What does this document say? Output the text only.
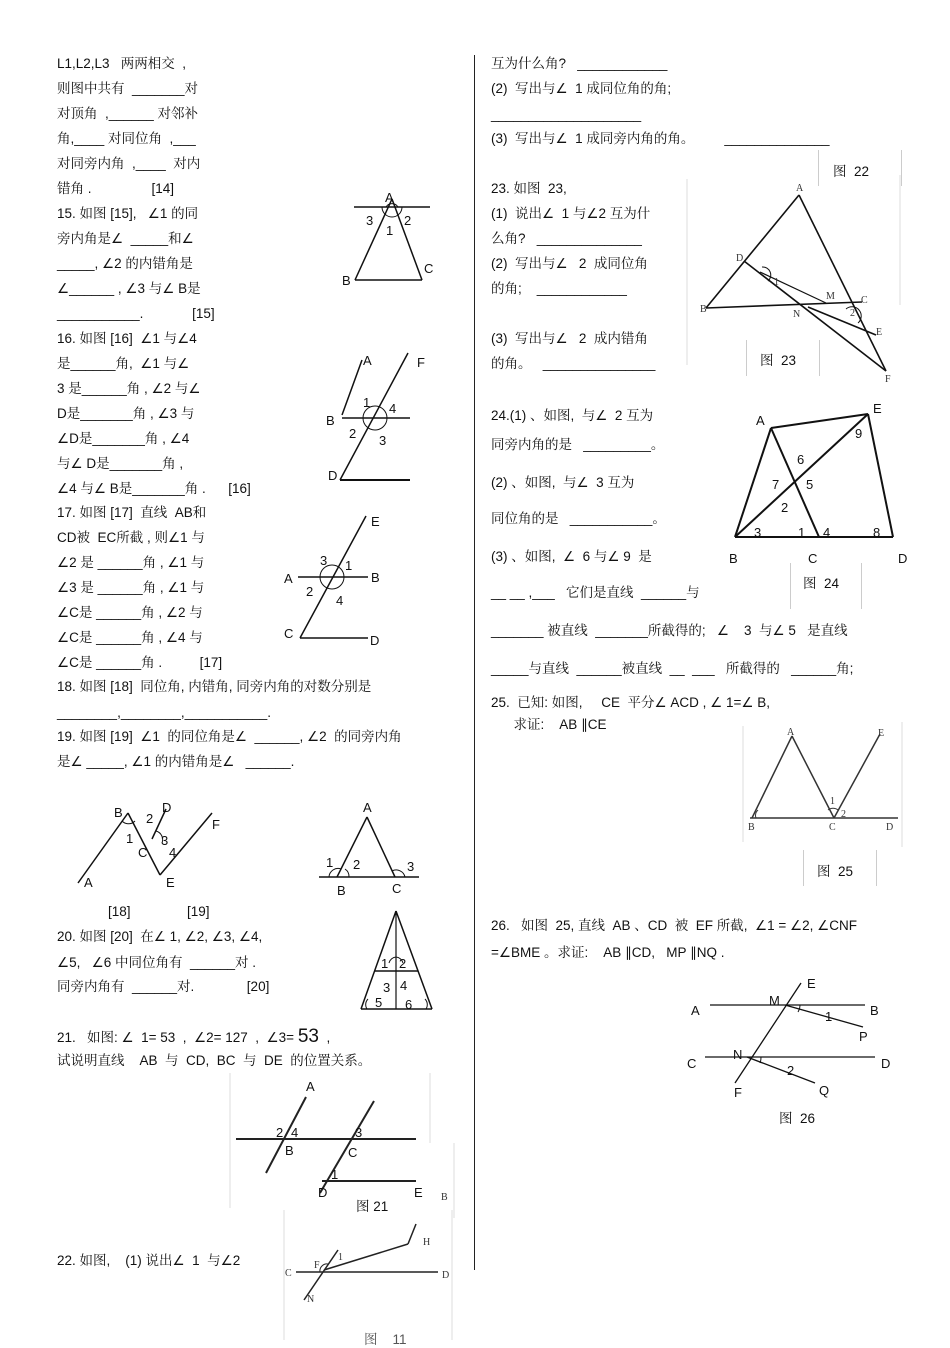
L1,L2,L3   两两相交  ,
则图中共有  _______对
对顶角  ,______ 对邻补
角,____ 对同位角  ,___
对同旁内角  ,____  对内
错角 .                [14]
15. 如图 [15],   ∠1 的同
旁内角是∠  _____和∠
_____, ∠2 的内错角是
∠______ , ∠3 与∠ B是
___________.             [15]
16. 如图 [16]  ∠1 与∠4
是______角,  ∠1 与∠
3 是______角 , ∠2 与∠
D是_______角 , ∠3 与
∠D是_______角 , ∠4
与∠ D是_______角 ,
∠4 与∠ B是_______角 .      [16]
17. 如图 [17]  直线  AB和
CD被  EC所截 , 则∠1 与
∠2 是 ______角 , ∠1 与
∠3 是 ______角 , ∠1 与
∠C是 ______角 , ∠2 与
∠C是 ______角 , ∠4 与
∠C是 ______角 .          [17]
18. 如图 [18]  同位角, 内错角, 同旁内角的对数分别是
________,________,___________.
19. 如图 [19]  ∠1  的同位角是∠  ______, ∠2  的同旁内角
是∠ _____, ∠1 的内错角是∠   ______.
[18]	[19]
20. 如图 [20]  在∠ 1, ∠2, ∠3, ∠4,
∠5,   ∠6 中同位角有  ______对 .
同旁内角有  ______对.              [20]
21.   如图: ∠  1= 53  ,  ∠2= 127  ,  ∠3= 53  ,
试说明直线    AB  与  CD,  BC  与  DE  的位置关系。
22. 如图,    (1) 说出∠  1  与∠2
互为什么角?   ____________
(2)  写出与∠  1 成同位角的角;
____________________
(3)  写出与∠  1 成同旁内角的角。        ______________
图  22
23. 如图  23,
(1)  说出∠  1 与∠2 互为什
么角?   ______________
(2)  写出与∠   2  成同位角
的角;    ____________
(3)  写出与∠   2  成内错角
的角。   _______________
24.(1) 、如图,  与∠  2 互为
同旁内角的是   _________。
(2) 、如图,  与∠  3 互为
同位角的是   ___________。
(3) 、如图,  ∠  6 与∠ 9  是
__ __ ,___   它们是直线  ______与
_______ 被直线  _______所截得的;   ∠    3  与∠ 5   是直线
_____与直线  ______被直线  __  ___   所截得的   ______角;
25.  已知: 如图,     CE  平分∠ ACD , ∠ 1=∠ B,
求证:    AB ∥CE
26.   如图  25, 直线  AB 、CD  被  EF 所截,  ∠1 = ∠2, ∠CNF
=∠BME 。求证:    AB ∥CD,   MP ∥NQ .
A
1
2
3
B
C
A	F
B
1 4
2 3
D
E
3 1
A	B
2
4
C	D
B	D
2
1 3
C 4
F
A	E
A
1 2	3
B	C
1 2
3 4
5 6
A
2 4	3
B	C
1
D	E B
图 21
H
F
1
C	D
N
图    11
A
D
1
M	C
B	N	2
E
F
图  23
A
E
9
6
7 5
2
3	1 4	8
B	C	D
图  24
A	E
1
2
B	C	D
图  25
E
M
A	B
1
P
C
N
D
2
F	Q
图  26
